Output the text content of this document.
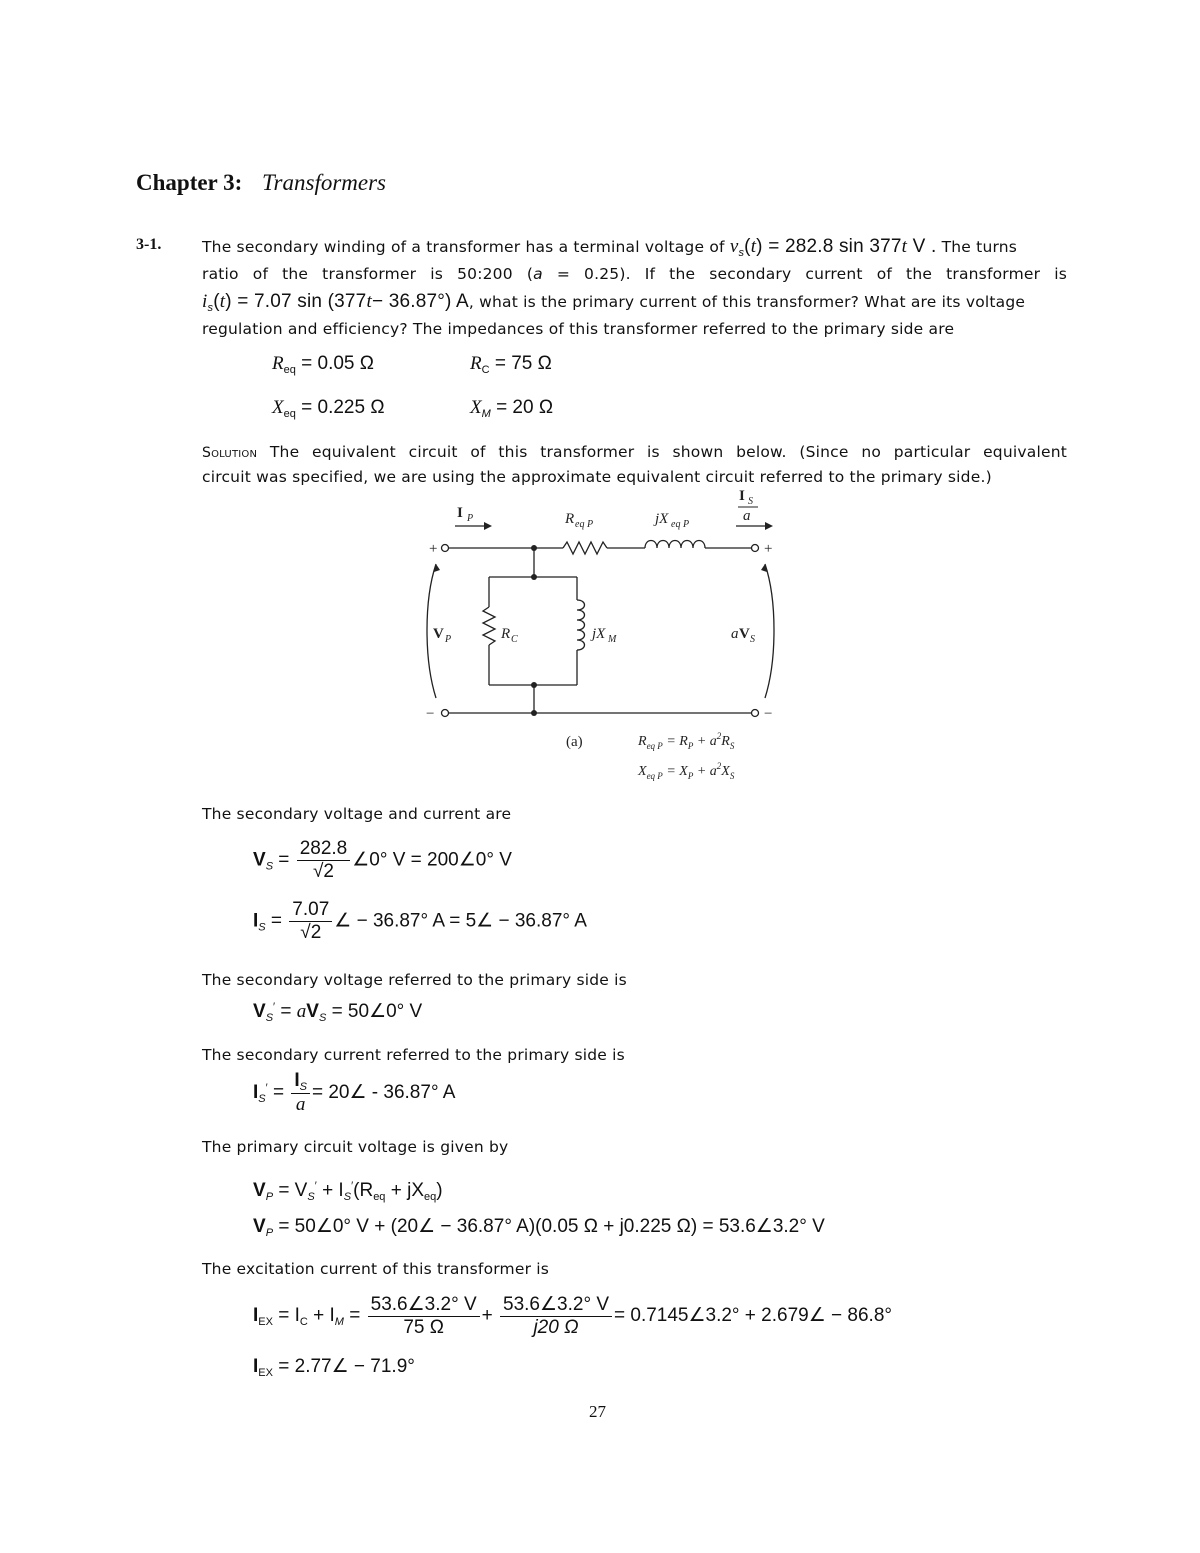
Chapter 3: Transformers
3-1.	The secondary winding of a transformer has a terminal voltage of $v_s(t) = 282.8$ sin 377t V . The turns
ratio of the transformer is 50:200 (a = 0.25). If the secondary current of the transformer is
$i_s(t) = 7.07$ sin (377t− 36.87°) A, what is the primary current of this transformer? What are its voltage
regulation and efficiency? The impedances of this transformer referred to the primary side are
$R_{eq} = 0.05$ Ω	$R_C = 75$ Ω
$X_{eq} = 0.225$ Ω	$X_M = 20$ Ω
Solution The equivalent circuit of this transformer is shown below. (Since no particular equivalent
circuit was specified, we are using the approximate equivalent circuit referred to the primary side.)
+	+
−	−
I P
I S
a
R eq P	jX eq P
R C	jX M
V P	a V S
(a)	$R_{eq P} = R_P + a^2R_S$
$X_{eq P} = X_P + a^2X_S$
The secondary voltage and current are
$V_S = \frac{282.8}{√2}$ ∠0° V = 200∠0° V
$I_S = \frac{7.07}{√2}$ ∠ − 36.87° A = 5∠ − 36.87° A
The secondary voltage referred to the primary side is
$V_S' = aV_S$ = 50∠0° V
The secondary current referred to the primary side is
$I_S' = \frac{I_S}{a}$ = 20∠ - 36.87° A
The primary circuit voltage is given by
$V_P = V_S' + I_S'(R_{eq} + jX_{eq})$
$V_P$ = 50∠0° V + (20∠ − 36.87° A)(0.05 Ω + j0.225 Ω) = 53.6∠3.2° V
The excitation current of this transformer is
$I_{EX} = I_C + I_M = \frac{53.6\angle 3.2^\circ V}{75 \Omega} + \frac{53.6\angle 3.2^\circ V}{j20 \Omega}$ = 0.7145∠3.2° + 2.679∠ − 86.8°
$I_{EX}$ = 2.77∠ − 71.9°
27
